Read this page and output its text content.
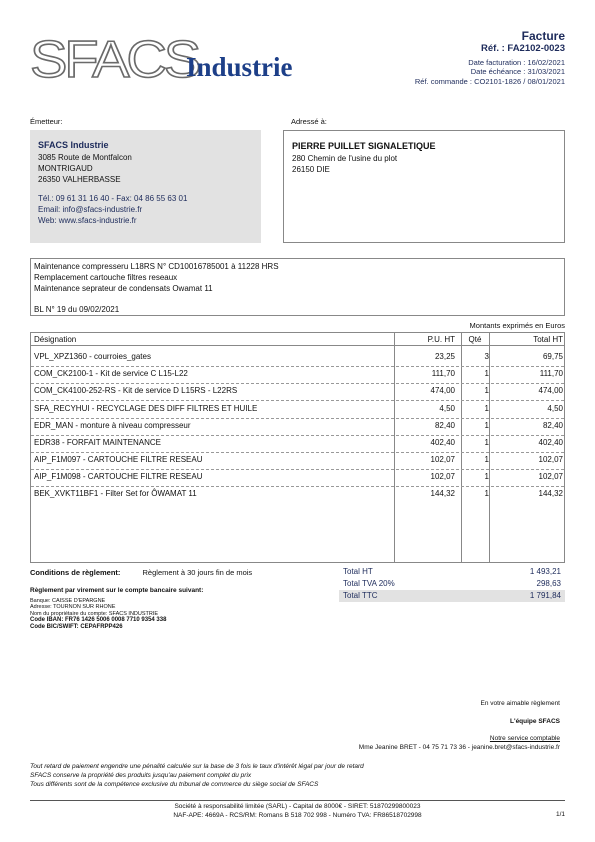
SFACS
Industrie
Facture
Réf. : FA2102-0023
Date facturation : 16/02/2021
Date échéance : 31/03/2021
Réf. commande : CO2101-1826 / 08/01/2021
Émetteur:	Adressé à:
SFACS Industrie
3085 Route de Montfalcon
MONTRIGAUD
26350 VALHERBASSE
Tél.: 09 61 31 16 40 - Fax: 04 86 55 63 01
Email: info@sfacs-industrie.fr
Web: www.sfacs-industrie.fr
PIERRE PUILLET SIGNALETIQUE
280 Chemin de l'usine du plot
26150 DIE
Maintenance compresseru L18RS N° CD10016785001 à 11228 HRS
Remplacement cartouche filtres reseaux
Maintenance seprateur de condensats Owamat 11
BL N° 19 du 09/02/2021
Montants exprimés en Euros
Désignation	P.U. HT	Qté	Total HT
VPL_XPZ1360 - courroies_gates	23,25	3	69,75
COM_CK2100-1 - Kit de service C L15-L22	111,70	1	111,70
COM_CK4100-252-RS - Kit de service D L15RS - L22RS	474,00	1	474,00
SFA_RECYHUI - RECYCLAGE DES DIFF FILTRES ET HUILE	4,50	1	4,50
EDR_MAN - monture à niveau compresseur	82,40	1	82,40
EDR38 - FORFAIT MAINTENANCE	402,40	1	402,40
AIP_F1M097 - CARTOUCHE FILTRE RESEAU	102,07	1	102,07
AIP_F1M098 - CARTOUCHE FILTRE RESEAU	102,07	1	102,07
BEK_XVKT11BF1 - Filter Set for ÔWAMAT 11	144,32	1	144,32
Conditions de règlement:	Règlement à 30 jours fin de mois
Règlement par virement sur le compte bancaire suivant:
Banque: CAISSE D'EPARGNE
Adresse: TOURNON SUR RHONE
Nom du propriétaire du compte: SFACS INDUSTRIE
Code IBAN: FR76 1426 5006 0008 7710 9354 338
Code BIC/SWIFT: CEPAFRPP426
Total HT	1 493,21
Total TVA 20%	298,63
Total TTC	1 791,84
En votre aimable règlement
L'équipe SFACS
Notre service comptable
Mme Jeanine BRET - 04 75 71 73 36 - jeanine.bret@sfacs-industrie.fr
Tout retard de paiement engendre une pénalité calculée sur la base de 3 fois le taux d'intérêt légal par jour de retard
SFACS conserve la propriété des produits jusqu'au paiement complet du prix
Tous différents sont de la compétence exclusive du tribunal de commerce du siège social de SFACS
Société à responsabilité limitée (SARL) - Capital de 8000€ - SIRET: 51870299800023
NAF-APE: 4669A - RCS/RM: Romans B 518 702 998 - Numéro TVA: FR86518702998	1/1
